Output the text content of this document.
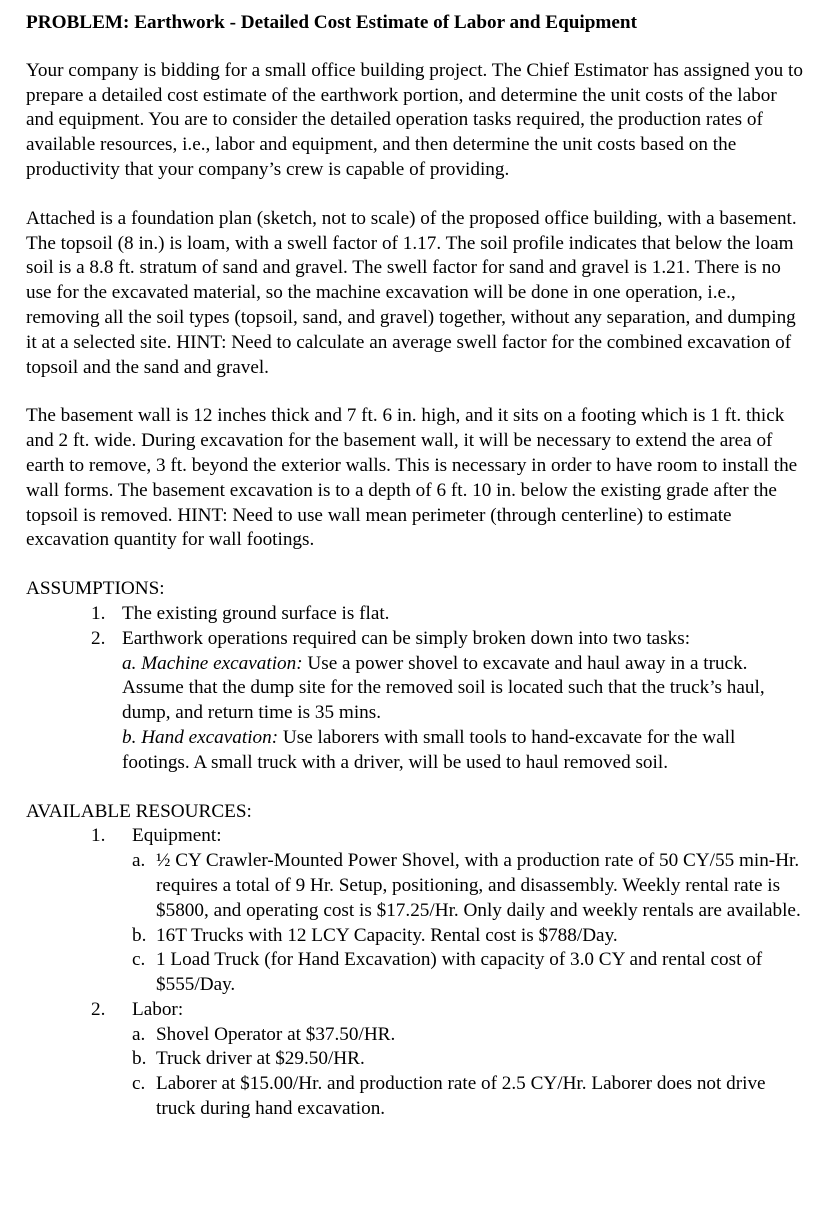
PROBLEM: Earthwork - Detailed Cost Estimate of Labor and Equipment

Your company is bidding for a small office building project. The Chief Estimator has assigned you to prepare a detailed cost estimate of the earthwork portion, and determine the unit costs of the labor and equipment. You are to consider the detailed operation tasks required, the production rates of available resources, i.e., labor and equipment, and then determine the unit costs based on the productivity that your company’s crew is capable of providing.

Attached is a foundation plan (sketch, not to scale) of the proposed office building, with a basement. The topsoil (8 in.) is loam, with a swell factor of 1.17. The soil profile indicates that below the loam soil is a 8.8 ft. stratum of sand and gravel. The swell factor for sand and gravel is 1.21. There is no use for the excavated material, so the machine excavation will be done in one operation, i.e., removing all the soil types (topsoil, sand, and gravel) together, without any separation, and dumping it at a selected site. HINT: Need to calculate an average swell factor for the combined excavation of topsoil and the sand and gravel.

The basement wall is 12 inches thick and 7 ft. 6 in. high, and it sits on a footing which is 1 ft. thick and 2 ft. wide. During excavation for the basement wall, it will be necessary to extend the area of earth to remove, 3 ft. beyond the exterior walls. This is necessary in order to have room to install the wall forms. The basement excavation is to a depth of 6 ft. 10 in. below the existing grade after the topsoil is removed. HINT: Need to use wall mean perimeter (through centerline) to estimate excavation quantity for wall footings.

ASSUMPTIONS:
1. The existing ground surface is flat.
2. Earthwork operations required can be simply broken down into two tasks:
a. Machine excavation: Use a power shovel to excavate and haul away in a truck. Assume that the dump site for the removed soil is located such that the truck’s haul, dump, and return time is 35 mins.
b. Hand excavation: Use laborers with small tools to hand-excavate for the wall footings. A small truck with a driver, will be used to haul removed soil.
AVAILABLE RESOURCES:
1. Equipment:
a. ½ CY Crawler-Mounted Power Shovel, with a production rate of 50 CY/55 min-Hr. requires a total of 9 Hr. Setup, positioning, and disassembly. Weekly rental rate is $5800, and operating cost is $17.25/Hr. Only daily and weekly rentals are available.
b. 16T Trucks with 12 LCY Capacity. Rental cost is $788/Day.
c. 1 Load Truck (for Hand Excavation) with capacity of 3.0 CY and rental cost of $555/Day.
2. Labor:
a. Shovel Operator at $37.50/HR.
b. Truck driver at $29.50/HR.
c. Laborer at $15.00/Hr. and production rate of 2.5 CY/Hr. Laborer does not drive truck during hand excavation.
